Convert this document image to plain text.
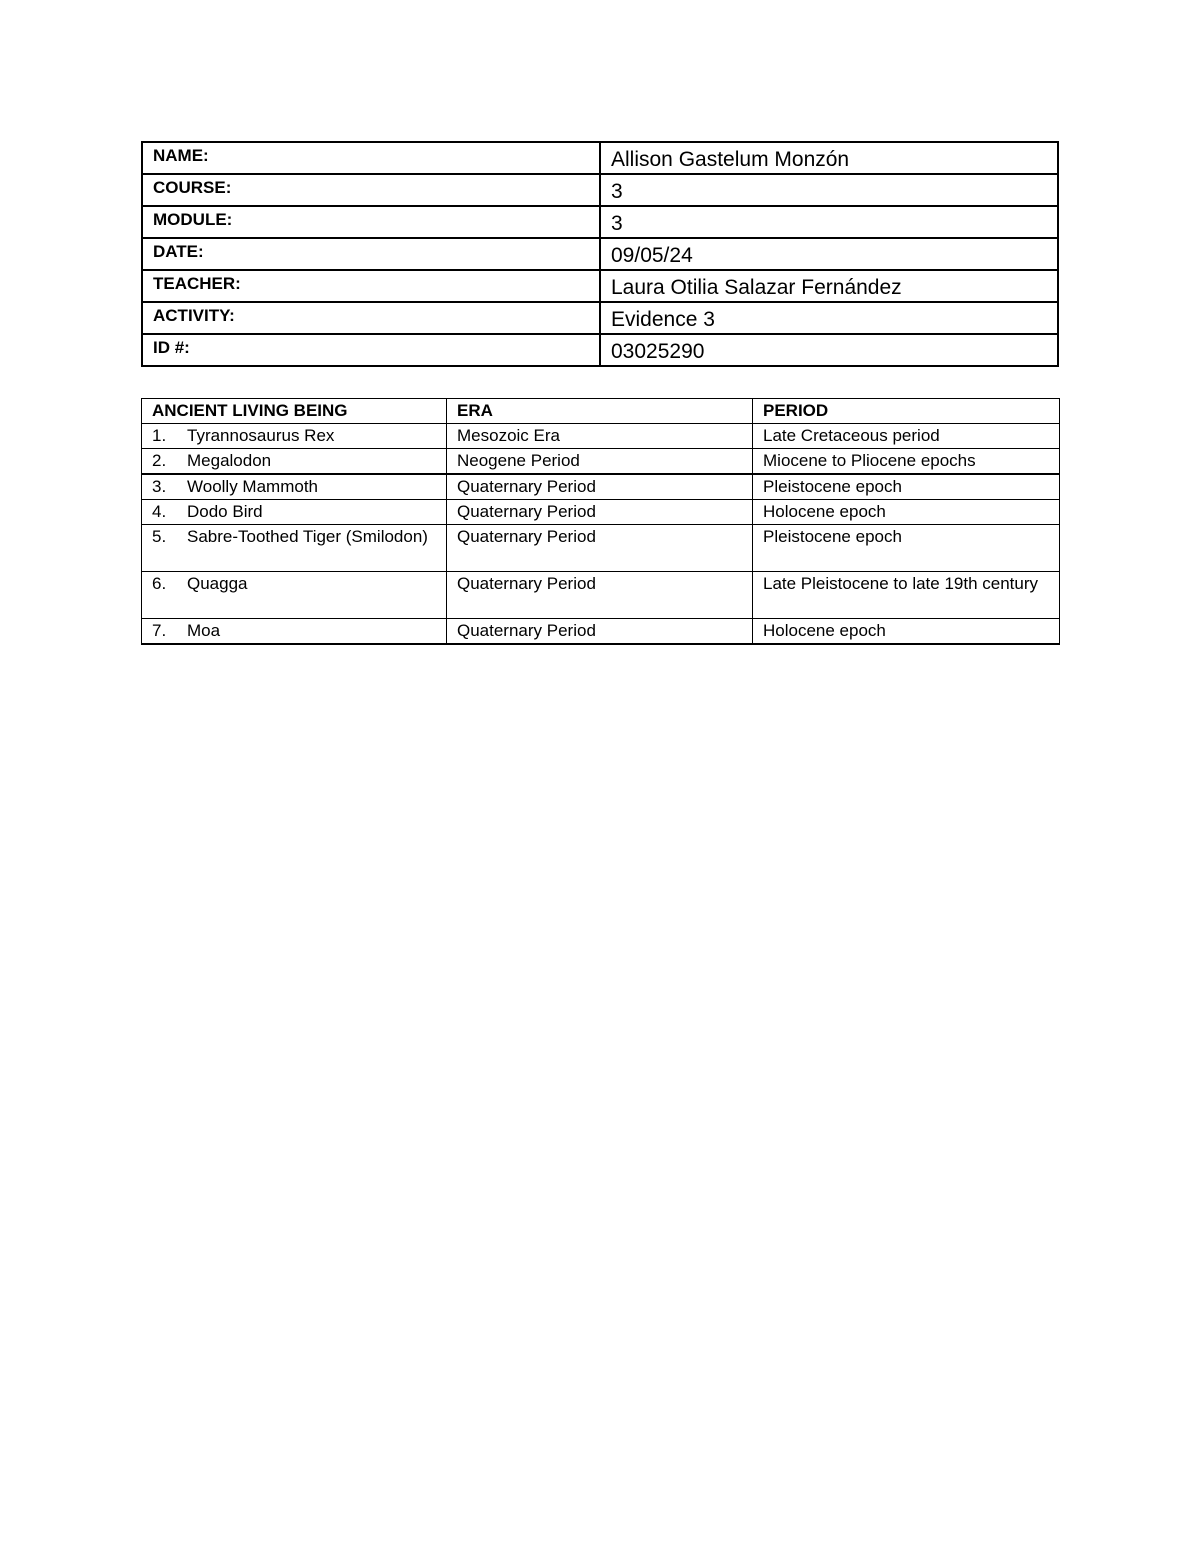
NAME:	Allison Gastelum Monzón
COURSE:	3
MODULE:	3
DATE:	09/05/24
TEACHER:	Laura Otilia Salazar Fernández
ACTIVITY:	Evidence 3
ID #:	03025290
ANCIENT LIVING BEING	ERA	PERIOD

1. Tyrannosaurus Rex	Mesozoic Era	Late Cretaceous period

2. Megalodon	Neogene Period	Miocene to Pliocene epochs

3. Woolly Mammoth	Quaternary Period	Pleistocene epoch

4. Dodo Bird	Quaternary Period	Holocene epoch

5. Sabre-Toothed Tiger (Smilodon)	Quaternary Period	Pleistocene epoch

6. Quagga	Quaternary Period	Late Pleistocene to late 19th century

7. Moa	Quaternary Period	Holocene epoch
